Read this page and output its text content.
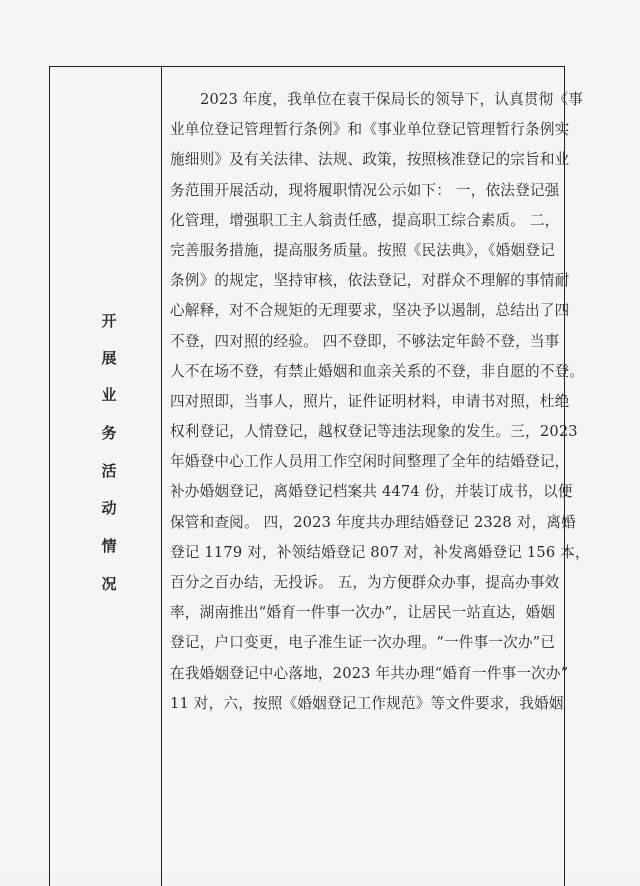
开
展
业
务
活
动
情
况
2023 年度，我单位在袁干保局长的领导下，认真贯彻《事
业单位登记管理暂行条例》和《事业单位登记管理暂行条例实
施细则》及有关法律、法规、政策，按照核准登记的宗旨和业
务范围开展活动，现将履职情况公示如下： 一，依法登记强
化管理，增强职工主人翁责任感，提高职工综合素质。 二，
完善服务措施，提高服务质量。按照《民法典》，《婚姻登记
条例》的规定，坚持审核，依法登记，对群众不理解的事情耐
心解释，对不合规矩的无理要求，坚决予以遏制，总结出了四
不登，四对照的经验。 四不登即，不够法定年龄不登，当事
人不在场不登，有禁止婚姻和血亲关系的不登，非自愿的不登。
四对照即，当事人，照片，证件证明材料，申请书对照，杜绝
权利登记，人情登记，越权登记等违法现象的发生。三，2023
年婚登中心工作人员用工作空闲时间整理了全年的结婚登记，
补办婚姻登记，离婚登记档案共 4474 份，并装订成书，以便
保管和查阅。 四，2023 年度共办理结婚登记 2328 对，离婚
登记 1179 对，补领结婚登记 807 对，补发离婚登记 156 本，
百分之百办结，无投诉。 五，为方便群众办事，提高办事效
率，湖南推出“婚育一件事一次办”，让居民一站直达，婚姻
登记，户口变更，电子准生证一次办理。“一件事一次办”已
在我婚姻登记中心落地，2023 年共办理“婚育一件事一次办”
11 对，六，按照《婚姻登记工作规范》等文件要求，我婚姻
